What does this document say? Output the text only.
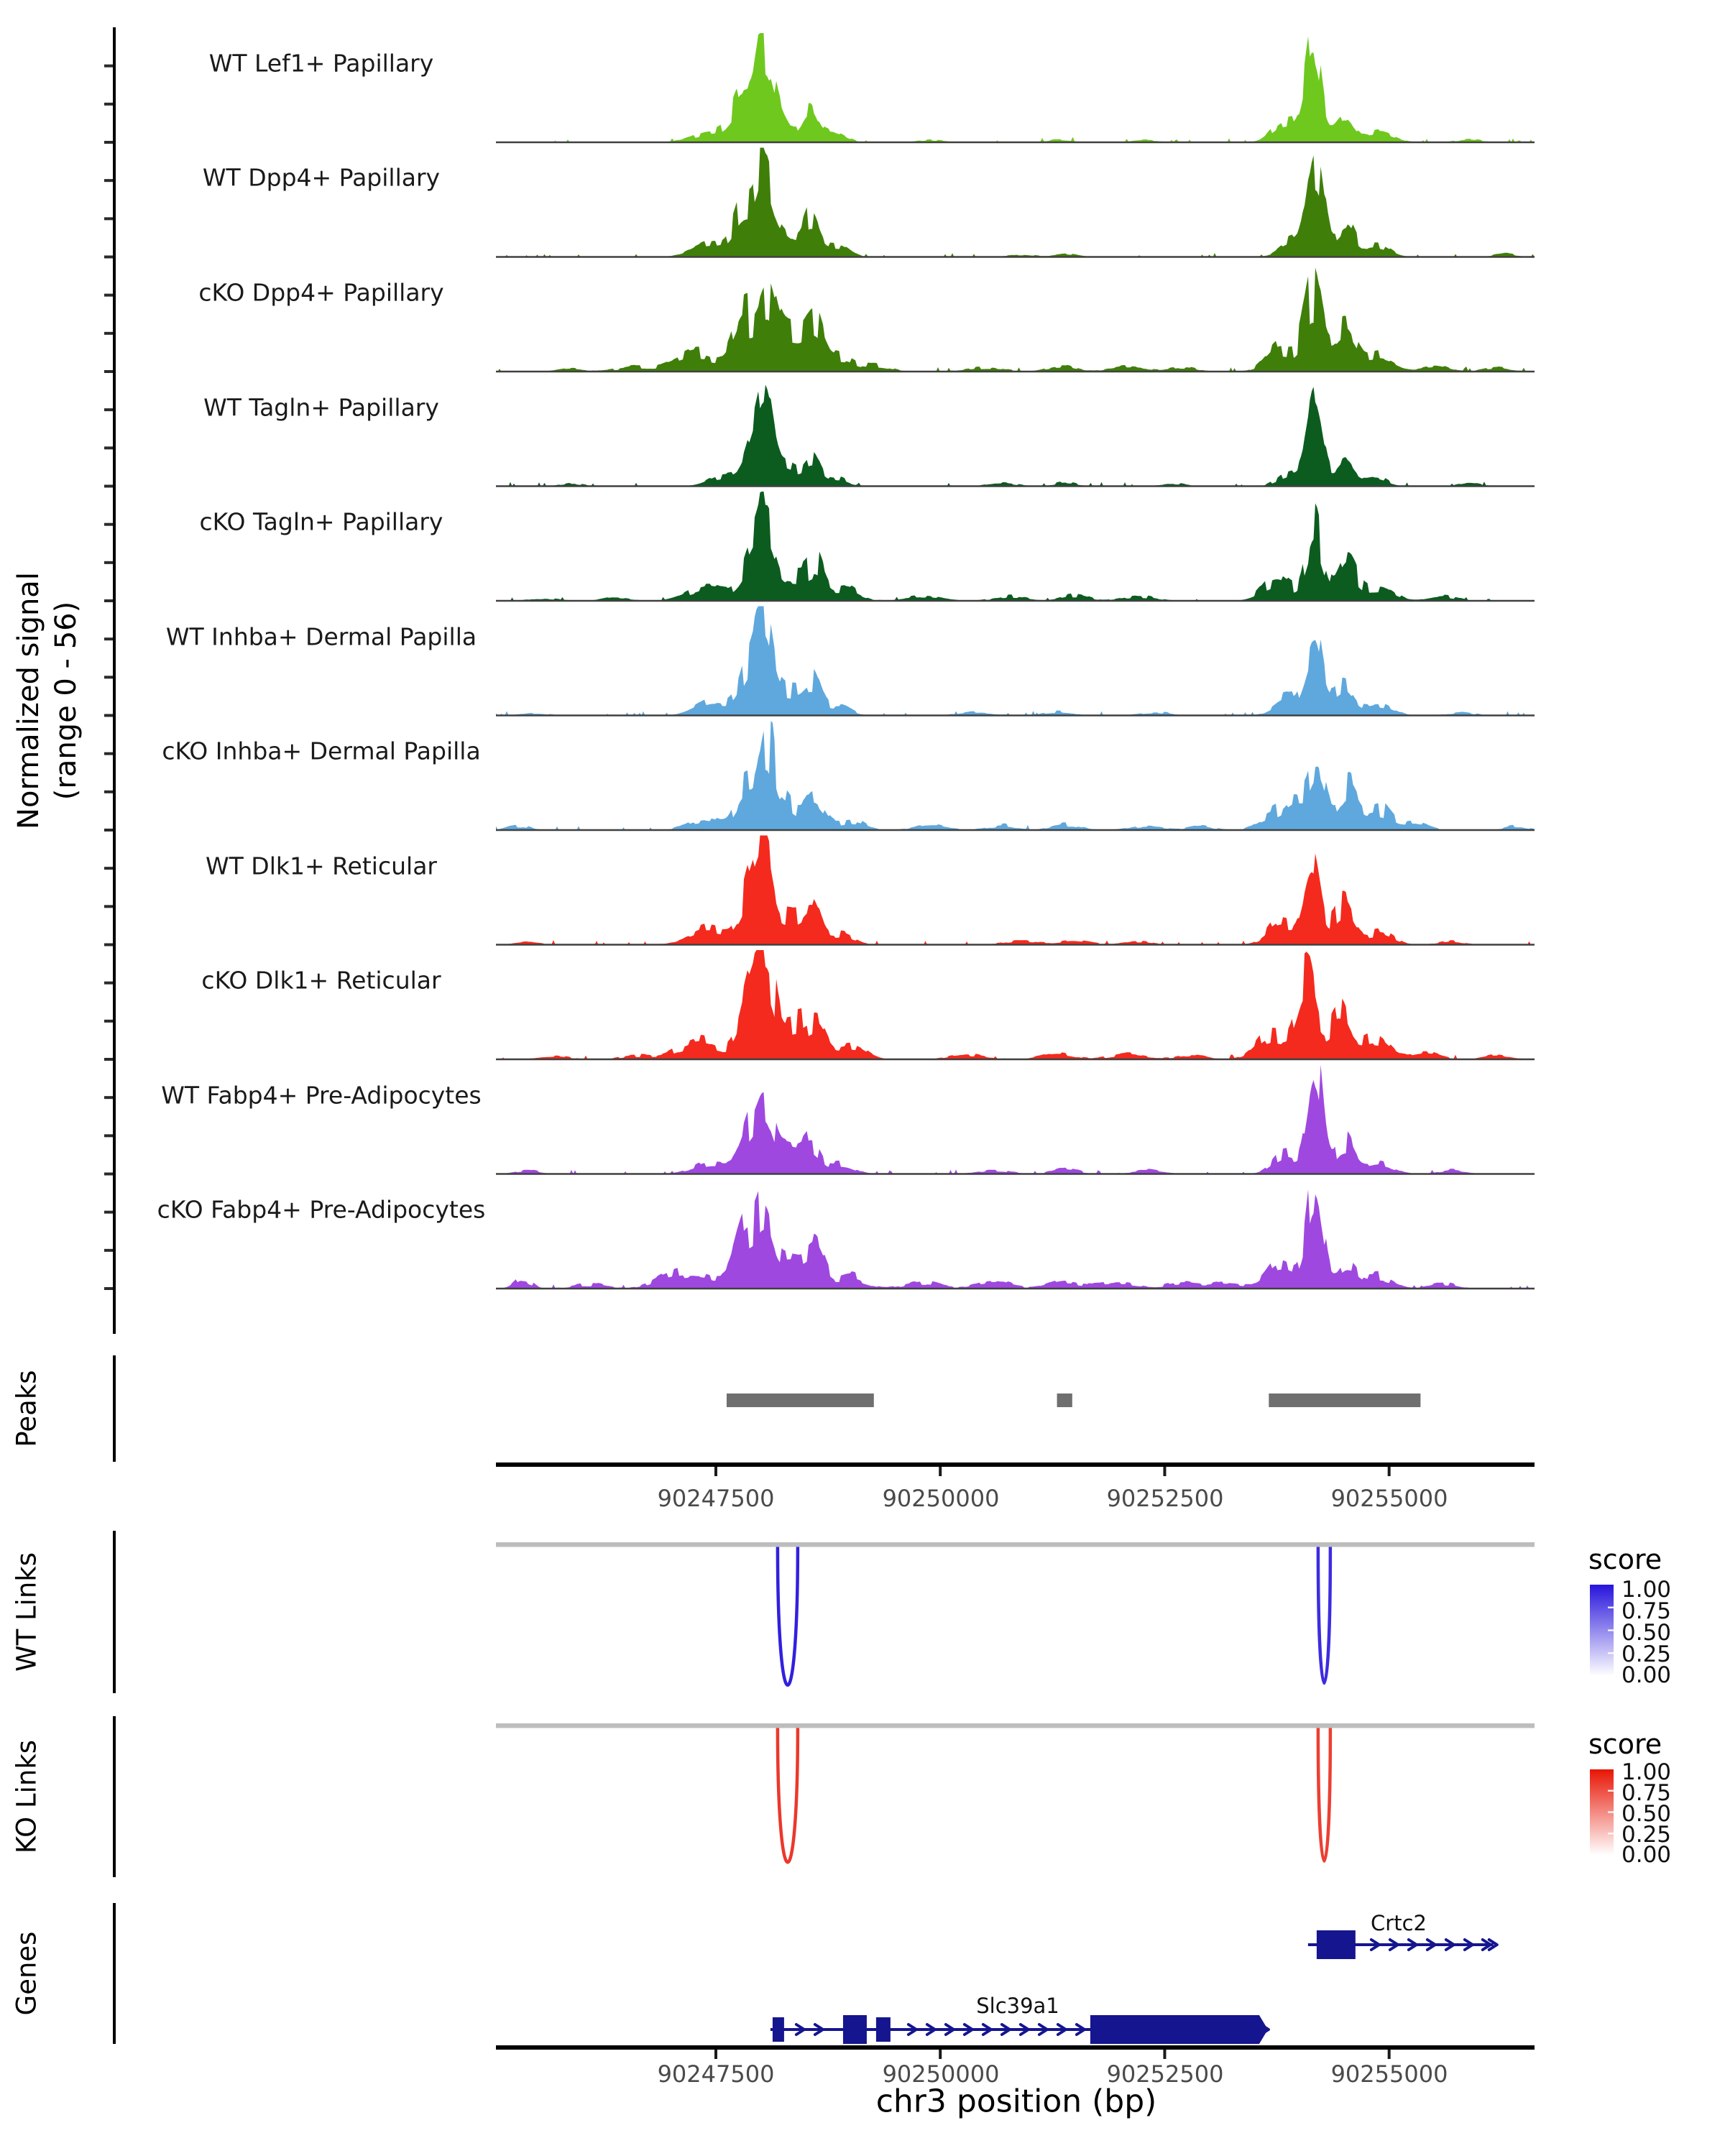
Normalized signal (range 0 - 56)
WT Lef1+ Papillary
WT Dpp4+ Papillary
cKO Dpp4+ Papillary
WT Tagln+ Papillary
cKO Tagln+ Papillary
WT Inhba+ Dermal Papilla
cKO Inhba+ Dermal Papilla
WT Dlk1+ Reticular
cKO Dlk1+ Reticular
WT Fabp4+ Pre-Adipocytes
cKO Fabp4+ Pre-Adipocytes
Peaks
WT Links
KO Links
Genes
90247500	90250000	90252500	90255000
90247500	90250000	90252500	90255000
chr3 position (bp)
score
1.00
0.75
0.50
0.25
0.00
score
1.00
0.75
0.50
0.25
0.00
Crtc2
Slc39a1
